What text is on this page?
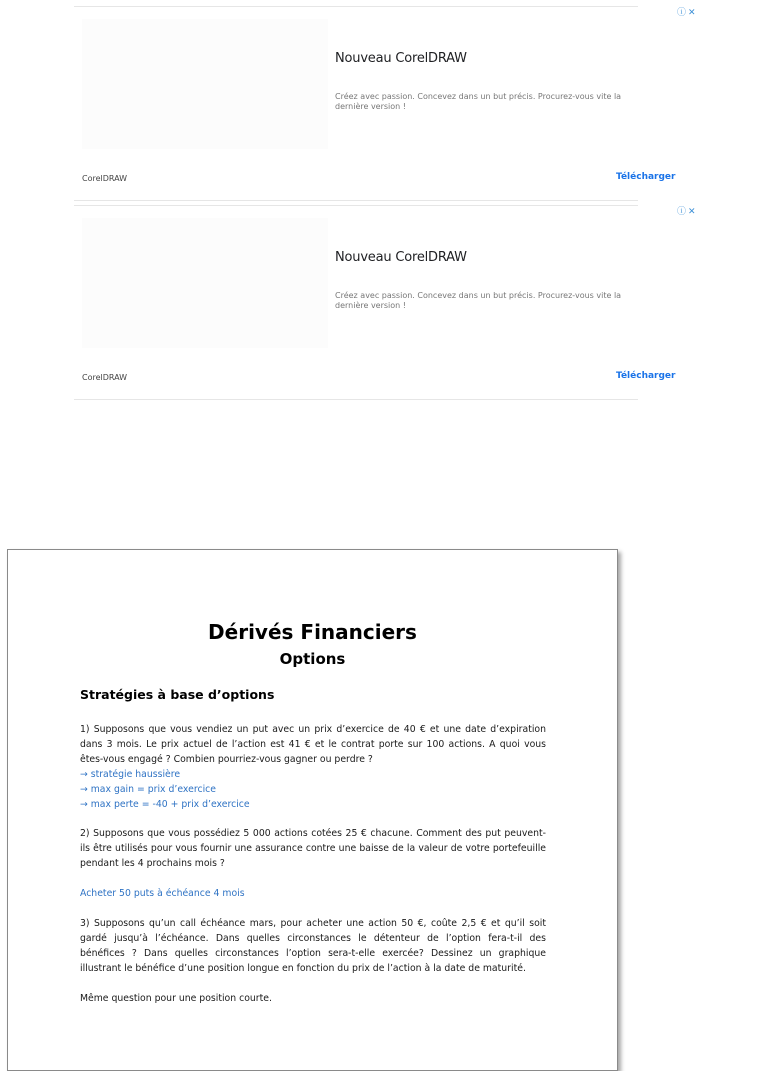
Nouveau CorelDRAW
Créez avec passion. Concevez dans un but précis. Procurez-vous vite la dernière version !
CorelDRAW	Télécharger
ⓘ ✕
Nouveau CorelDRAW
Créez avec passion. Concevez dans un but précis. Procurez-vous vite la dernière version !
CorelDRAW	Télécharger
ⓘ ✕
Dérivés Financiers
Options
Stratégies à base d’options
1) Supposons que vous vendiez un put avec un prix d’exercice de 40 € et une date d’expiration dans 3 mois. Le prix actuel de l’action est 41 € et le contrat porte sur 100 actions. A quoi vous êtes-vous engagé ? Combien pourriez-vous gagner ou perdre ?
→ stratégie haussière
→ max gain = prix d’exercice
→ max perte = -40 + prix d’exercice
2) Supposons que vous possédiez 5 000 actions cotées 25 € chacune. Comment des put peuvent-ils être utilisés pour vous fournir une assurance contre une baisse de la valeur de votre portefeuille pendant les 4 prochains mois ?
Acheter 50 puts à échéance 4 mois
3) Supposons qu’un call échéance mars, pour acheter une action 50 €, coûte 2,5 € et qu’il soit gardé jusqu’à l’échéance. Dans quelles circonstances le détenteur de l’option fera-t-il des bénéfices ? Dans quelles circonstances l’option sera-t-elle exercée? Dessinez un graphique illustrant le bénéfice d’une position longue en fonction du prix de l’action à la date de maturité.
Même question pour une position courte.
